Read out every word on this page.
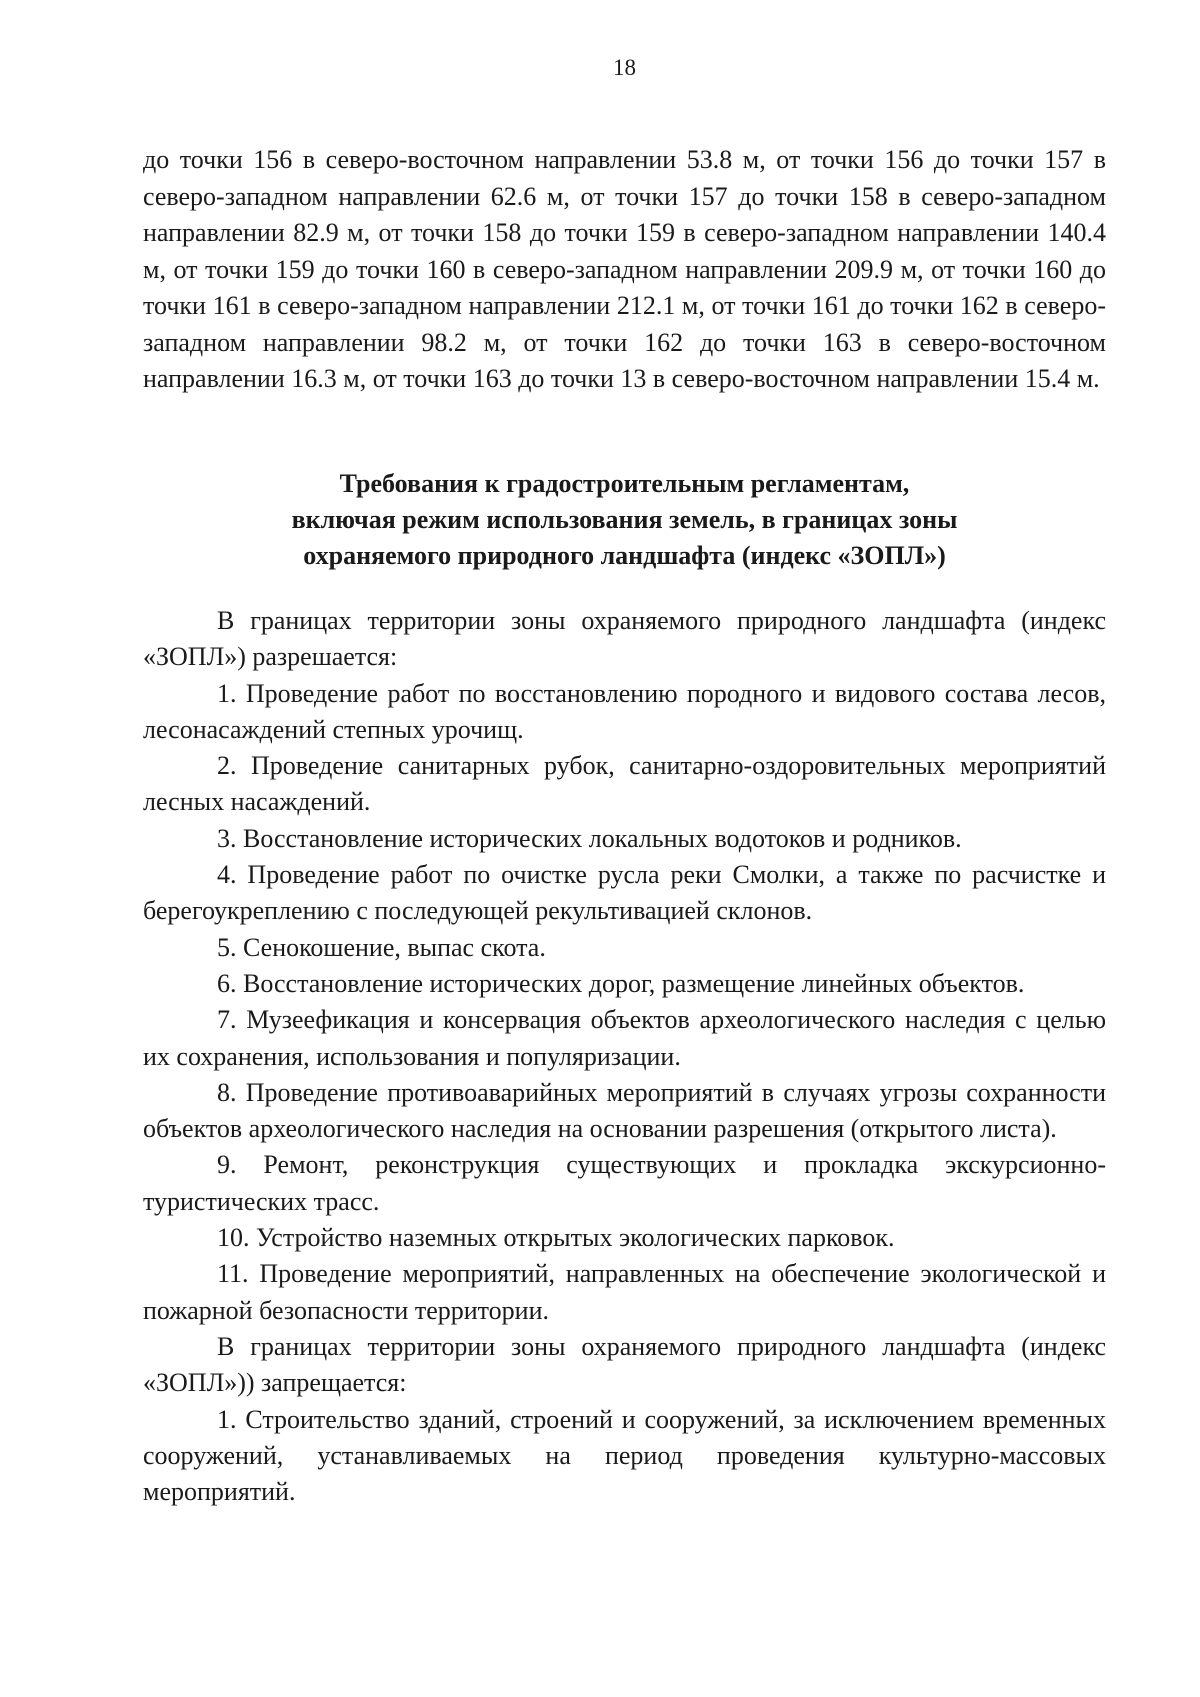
18

до точки 156 в северо-восточном направлении 53.8 м, от точки 156 до точки 157 в северо-западном направлении 62.6 м, от точки 157 до точки 158 в северо-западном направлении 82.9 м, от точки 158 до точки 159 в северо-западном направлении 140.4 м, от точки 159 до точки 160 в северо-западном направлении 209.9 м, от точки 160 до точки 161 в северо-западном направлении 212.1 м, от точки 161 до точки 162 в северо-западном направлении 98.2 м, от точки 162 до точки 163 в северо-восточном направлении 16.3 м, от точки 163 до точки 13 в северо-восточном направлении 15.4 м.

Требования к градостроительным регламентам,
включая режим использования земель, в границах зоны
охраняемого природного ландшафта (индекс «ЗОПЛ»)

В границах территории зоны охраняемого природного ландшафта (индекс «ЗОПЛ») разрешается:

1. Проведение работ по восстановлению породного и видового состава лесов, лесонасаждений степных урочищ.

2. Проведение санитарных рубок, санитарно-оздоровительных мероприятий лесных насаждений.

3. Восстановление исторических локальных водотоков и родников.

4. Проведение работ по очистке русла реки Смолки, а также по расчистке и берегоукреплению с последующей рекультивацией склонов.

5. Сенокошение, выпас скота.

6. Восстановление исторических дорог, размещение линейных объектов.

7. Музеефикация и консервация объектов археологического наследия с целью их сохранения, использования и популяризации.

8. Проведение противоаварийных мероприятий в случаях угрозы сохранности объектов археологического наследия на основании разрешения (открытого листа).

9. Ремонт, реконструкция существующих и прокладка экскурсионно-туристических трасс.

10. Устройство наземных открытых экологических парковок.

11. Проведение мероприятий, направленных на обеспечение экологической и пожарной безопасности территории.

В границах территории зоны охраняемого природного ландшафта (индекс «ЗОПЛ»)) запрещается:

1. Строительство зданий, строений и сооружений, за исключением временных сооружений, устанавливаемых на период проведения культурно-массовых мероприятий.
